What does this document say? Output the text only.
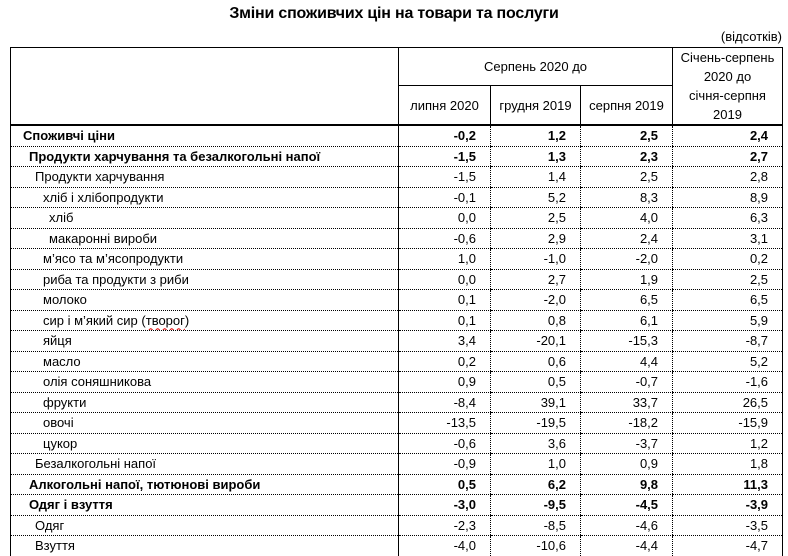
Зміни споживчих цін на товари та послуги
(відсотків)
	Серпень 2020 до			Січень-серпень
2020 до
січня-серпня
2019

	липня 2020	грудня 2019	серпня 2019	
Споживчі ціни	-0,2	1,2	2,5	2,4
Продукти харчування та безалкогольні напої	-1,5	1,3	2,3	2,7
Продукти харчування	-1,5	1,4	2,5	2,8
хліб і хлібопродукти	-0,1	5,2	8,3	8,9
хліб	0,0	2,5	4,0	6,3
макаронні вироби	-0,6	2,9	2,4	3,1
м’ясо та м’ясопродукти	1,0	-1,0	-2,0	0,2
риба та продукти з риби	0,0	2,7	1,9	2,5
молоко	0,1	-2,0	6,5	6,5
сир і м’який сир (творог)	0,1	0,8	6,1	5,9
яйця	3,4	-20,1	-15,3	-8,7
масло	0,2	0,6	4,4	5,2
олія соняшникова	0,9	0,5	-0,7	-1,6
фрукти	-8,4	39,1	33,7	26,5
овочі	-13,5	-19,5	-18,2	-15,9
цукор	-0,6	3,6	-3,7	1,2
Безалкогольні напої	-0,9	1,0	0,9	1,8
Алкогольні напої, тютюнові вироби	0,5	6,2	9,8	11,3
Одяг і взуття	-3,0	-9,5	-4,5	-3,9
Одяг	-2,3	-8,5	-4,6	-3,5
Взуття	-4,0	-10,6	-4,4	-4,7
